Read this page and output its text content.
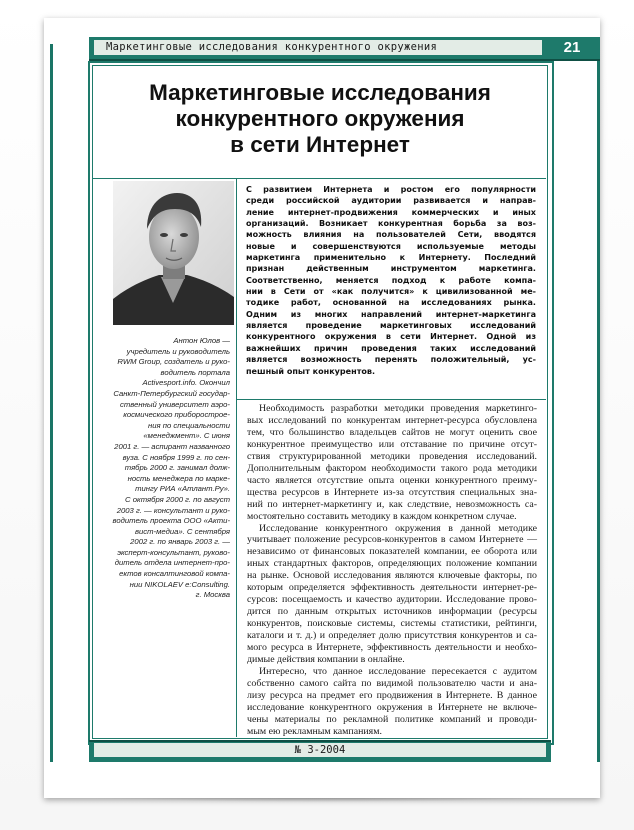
Маркетинговые исследования конкурентного окружения	21
Маркетинговые исследования
конкурентного окружения
в сети Интернет
Антон Юлов —
учредитель и руководитель
RWM Group, создатель и руко-
водитель портала
Activesport.info. Окончил
Санкт-Петербургский государ-
ственный университет аэро-
космического приборострое-
ния по специальности
«менеджмент». С июня
2001 г. — аспирант названного
вуза. С ноября 1999 г. по сен-
тябрь 2000 г. занимал долж-
ность менеджера по марке-
тингу РИА «Атлант.Ру».
С октября 2000 г. по август
2003 г. — консультант и руко-
водитель проекта ООО «Акти-
вист-медиа». С сентября
2002 г. по январь 2003 г. —
эксперт-консультант, руково-
дитель отдела интернет-про-
ектов консалтинговой компа-
нии NIKOLAEV e:Consulting.
г. Москва
С развитием Интернета и ростом его популярности
среди российской аудитории развивается и направ-
ление интернет-продвижения коммерческих и иных
организаций. Возникает конкурентная борьба за воз-
можность влияния на пользователей Сети, вводятся
новые и совершенствуются используемые методы
маркетинга применительно к Интернету. Последний
признан действенным инструментом маркетинга.
Соответственно, меняется подход к работе компа-
нии в Сети от «как получится» к цивилизованной ме-
тодике работ, основанной на исследованиях рынка.
Одним из многих направлений интернет-маркетинга
является проведение маркетинговых исследований
конкурентного окружения в сети Интернет. Одной из
важнейших причин проведения таких исследований
является возможность перенять положительный, ус-
пешный опыт конкурентов.
Необходимость разработки методики проведения маркетинго-
вых исследований по конкурентам интернет-ресурса обусловлена
тем, что большинство владельцев сайтов не могут оценить свое
конкурентное преимущество или отставание по причине отсут-
ствия структурированной методики проведения исследований.
Дополнительным фактором необходимости такого рода методики
часто является отсутствие опыта оценки конкурентного преиму-
щества ресурсов в Интернете из-за отсутствия специальных зна-
ний по интернет-маркетингу и, как следствие, невозможность са-
мостоятельно составить методику в каждом конкретном случае.
Исследование конкурентного окружения в данной методике
учитывает положение ресурсов-конкурентов в самом Интернете —
независимо от финансовых показателей компании, ее оборота или
иных стандартных факторов, определяющих положение компании
на рынке. Основой исследования являются ключевые факторы, по
которым определяется эффективность деятельности интернет-ре-
сурсов: посещаемость и качество аудитории. Исследование прово-
дится по данным открытых источников информации (ресурсы
конкурентов, поисковые системы, системы статистики, рейтинги,
каталоги и т. д.) и определяет долю присутствия конкурентов и са-
мого ресурса в Интернете, эффективность деятельности и необхо-
димые действия компании в онлайне.
Интересно, что данное исследование пересекается с аудитом
собственно самого сайта по видимой пользователю части и ана-
лизу ресурса на предмет его продвижения в Интернете. В данное
исследование конкурентного окружения в Интернете не включе-
чены материалы по рекламной политике компаний и проводи-
мым ею рекламным кампаниям.
№ 3-2004
